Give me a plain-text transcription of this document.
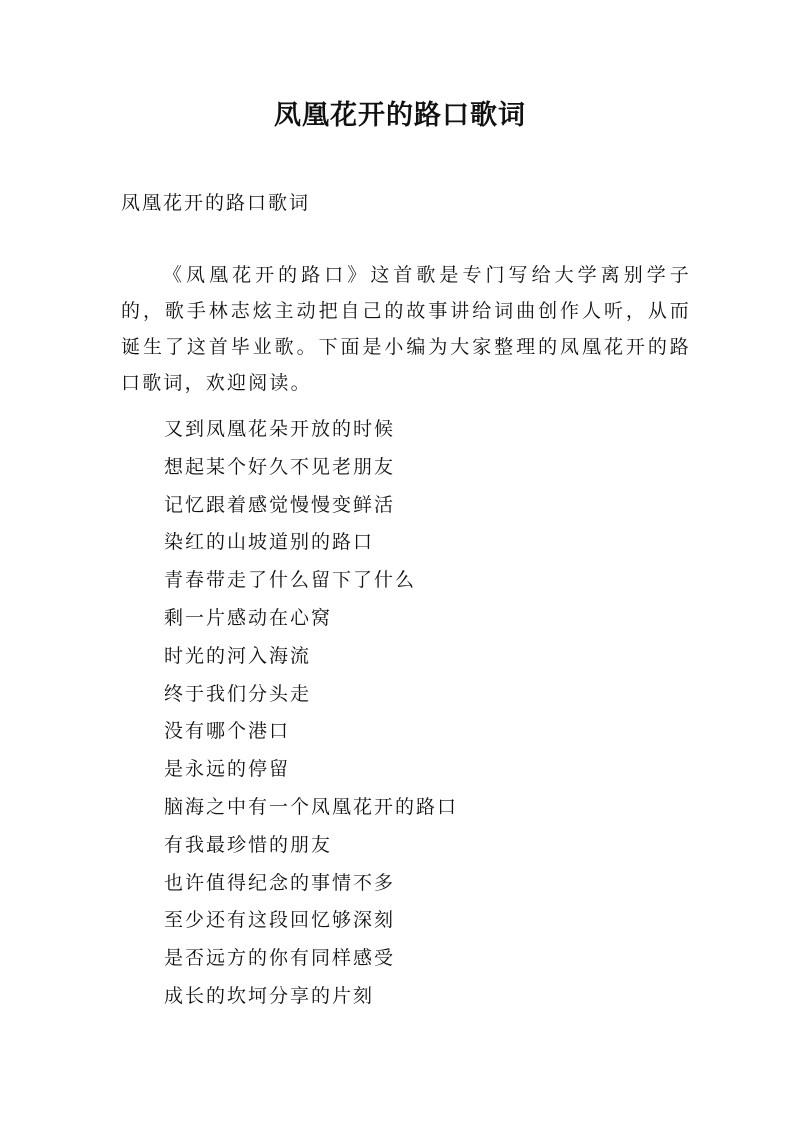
凤凰花开的路口歌词
凤凰花开的路口歌词

《凤凰花开的路口》这首歌是专门写给大学离别学子的，歌手林志炫主动把自己的故事讲给词曲创作人听，从而诞生了这首毕业歌。下面是小编为大家整理的凤凰花开的路口歌词，欢迎阅读。

又到凤凰花朵开放的时候
想起某个好久不见老朋友
记忆跟着感觉慢慢变鲜活
染红的山坡道别的路口
青春带走了什么留下了什么
剩一片感动在心窝
时光的河入海流
终于我们分头走
没有哪个港口
是永远的停留
脑海之中有一个凤凰花开的路口
有我最珍惜的朋友
也许值得纪念的事情不多
至少还有这段回忆够深刻
是否远方的你有同样感受
成长的坎坷分享的片刻
